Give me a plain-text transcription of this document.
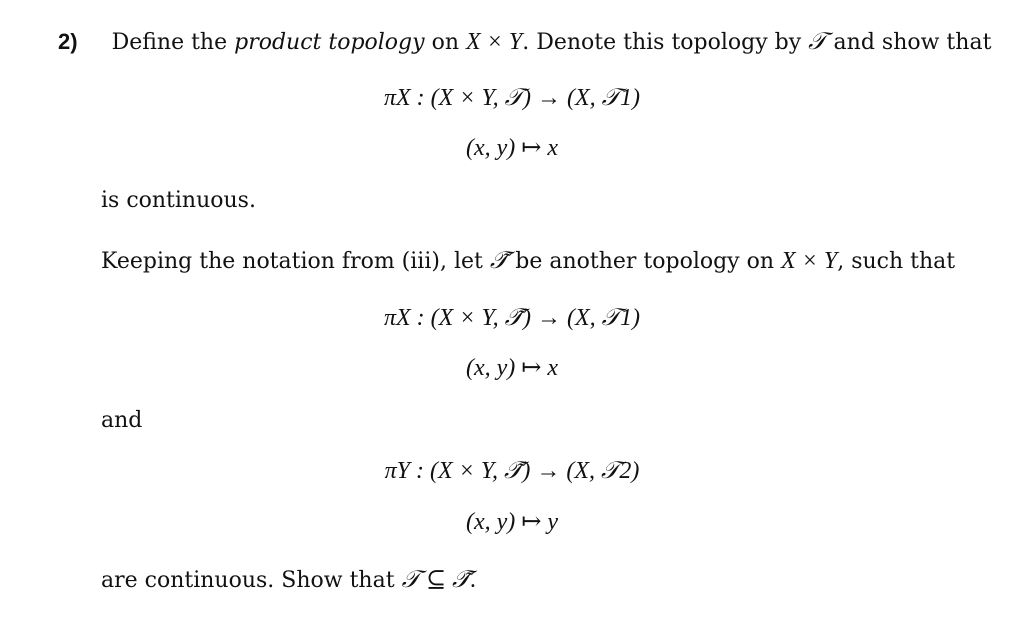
2) Define the product topology on X × Y. Denote this topology by 𝒯 and show that
πX : (X × Y, 𝒯) → (X, 𝒯1)
(x, y) ↦ x
is continuous.
Keeping the notation from (iii), let 𝒯̃ be another topology on X × Y, such that
πX : (X × Y, 𝒯̃) → (X, 𝒯1)
(x, y) ↦ x
and
πY : (X × Y, 𝒯̃) → (X, 𝒯2)
(x, y) ↦ y
are continuous. Show that 𝒯 ⊆ 𝒯̃.
